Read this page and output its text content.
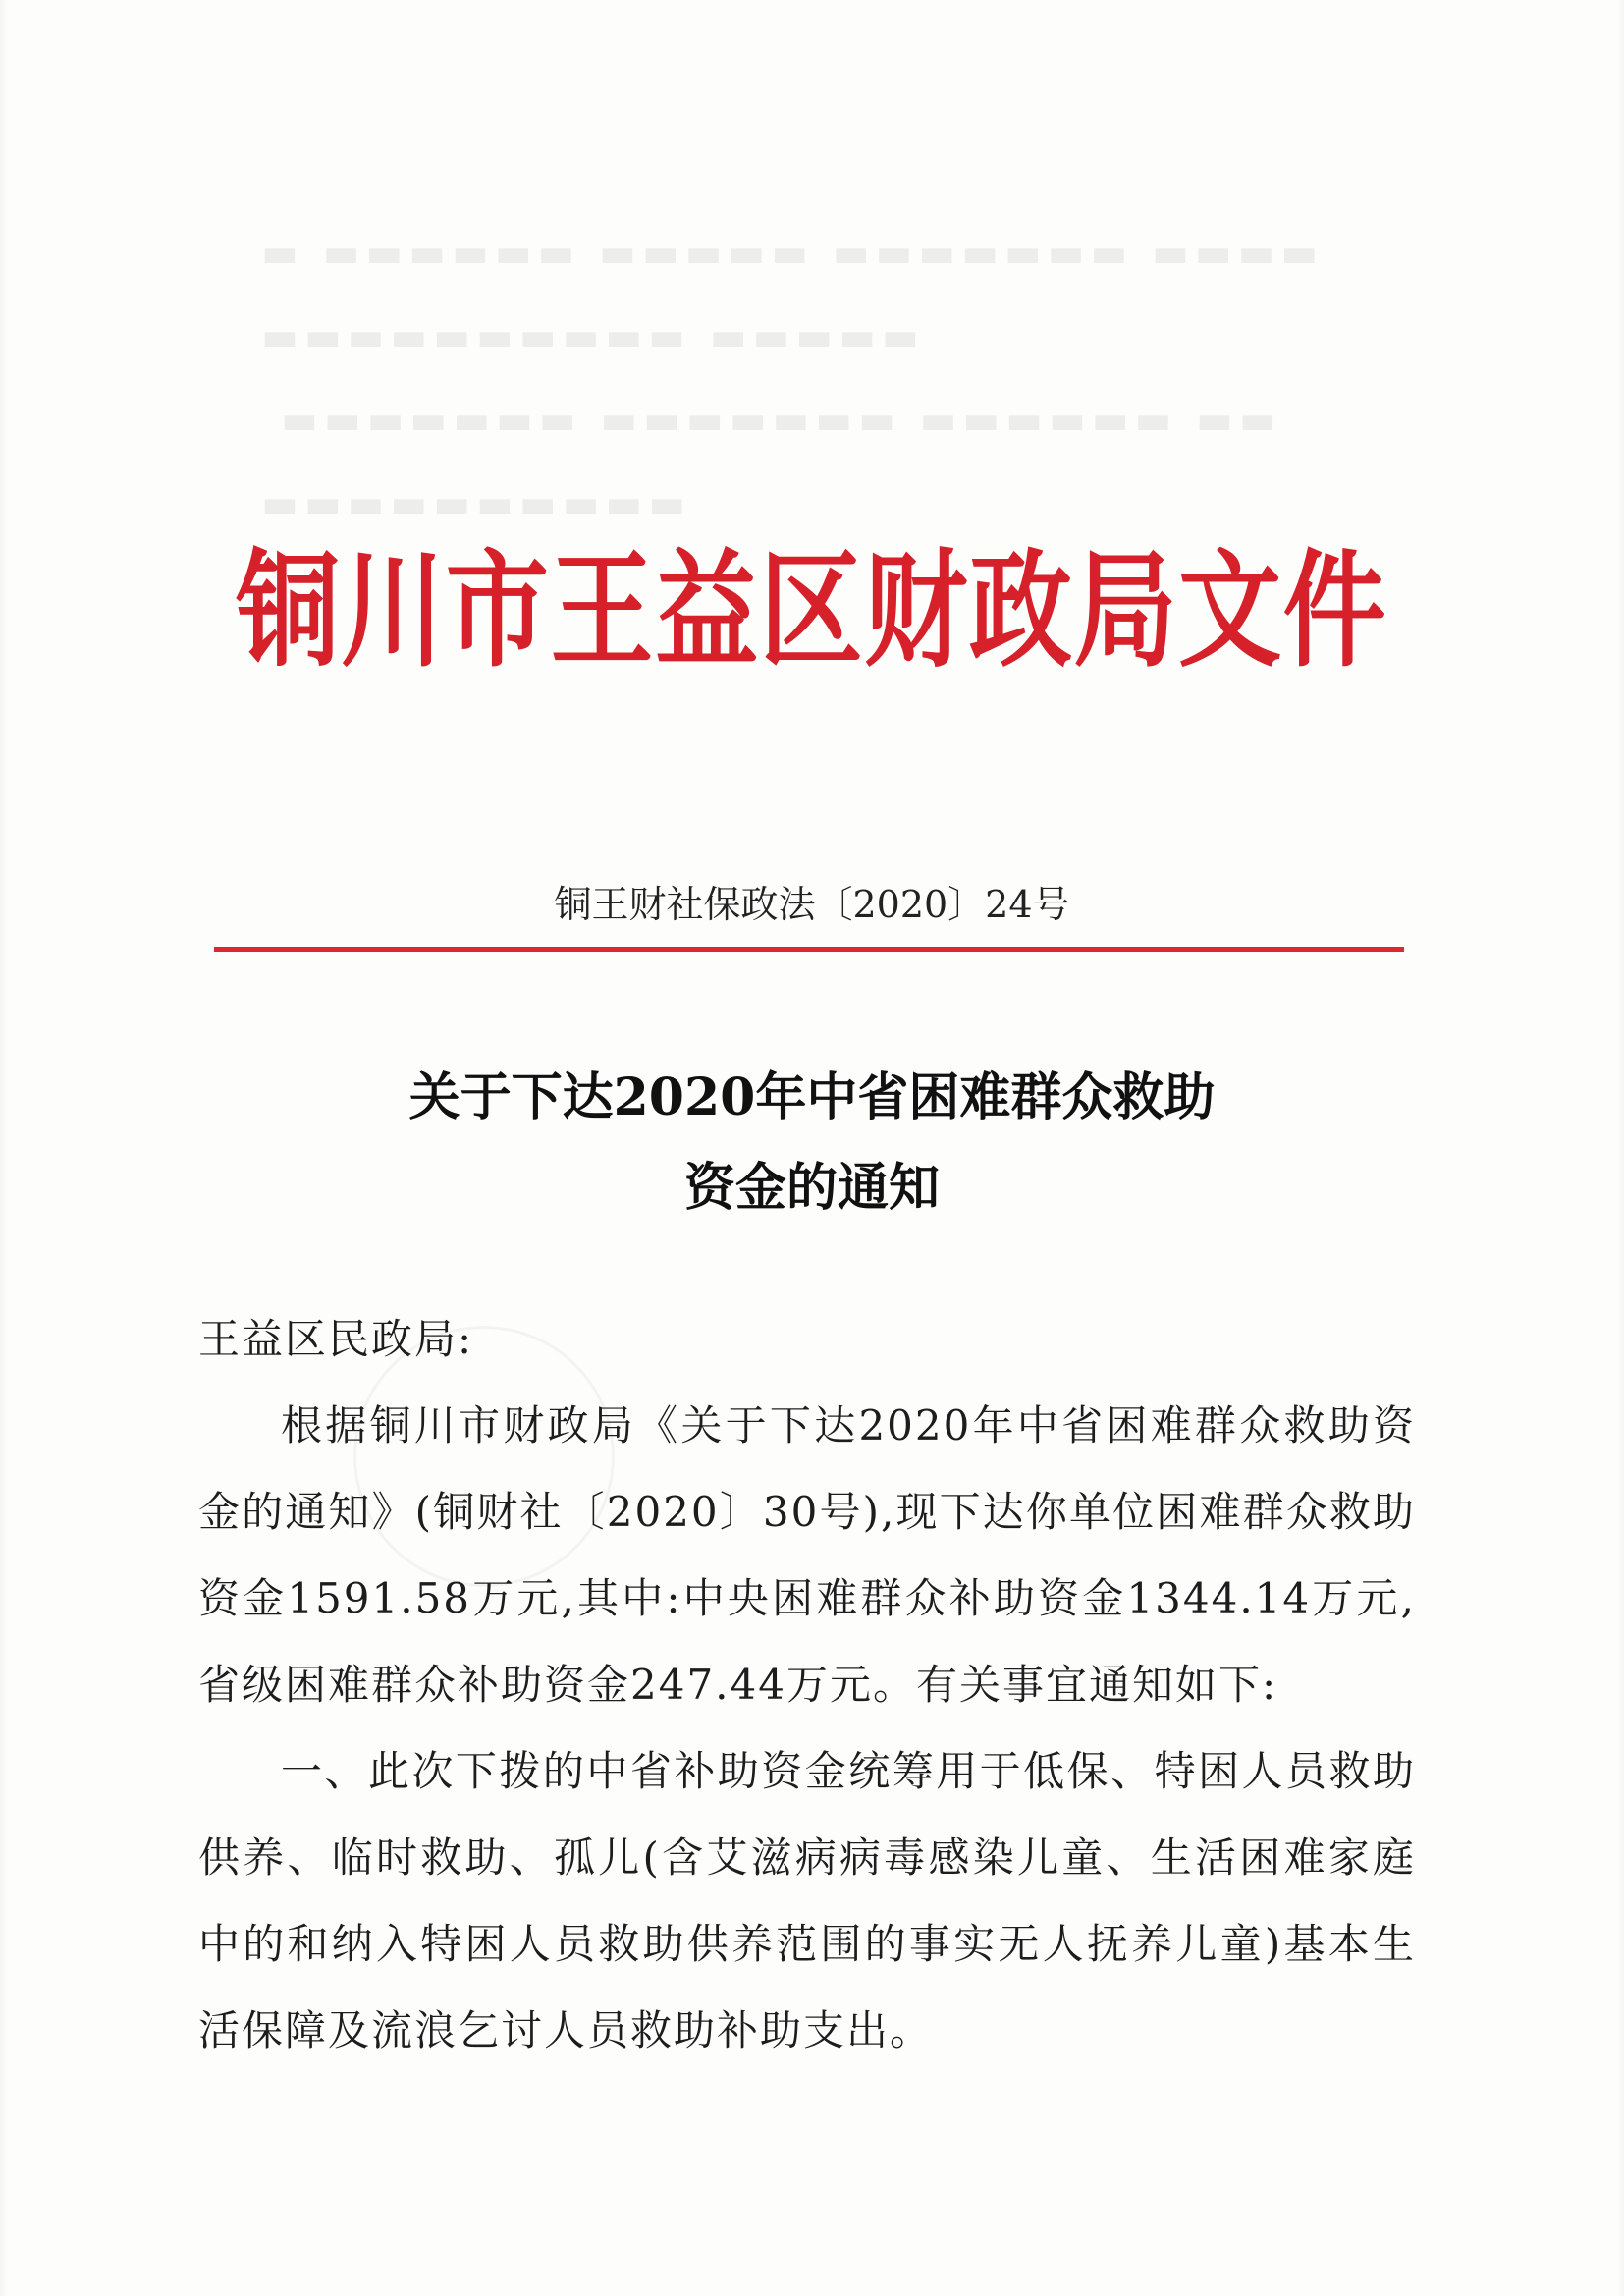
▬▬▬▬ ▬▬▬▬▬▬▬ ▬▬▬▬▬ ▬▬▬▬▬▬ ▬
▬▬▬▬▬ ▬▬▬▬▬▬▬▬▬▬
▬▬ ▬▬▬▬▬▬ ▬▬▬▬▬▬▬ ▬▬▬▬▬▬▬
▬▬▬▬▬▬▬▬▬▬
铜川市王益区财政局文件
铜王财社保政法〔2020〕24号
关于下达2020年中省困难群众救助
资金的通知

王益区民政局:

根据铜川市财政局《关于下达2020年中省困难群众救助资金的通知》(铜财社〔2020〕30号),现下达你单位困难群众救助资金1591.58万元,其中:中央困难群众补助资金1344.14万元,省级困难群众补助资金247.44万元。有关事宜通知如下:

一、此次下拨的中省补助资金统筹用于低保、特困人员救助供养、临时救助、孤儿(含艾滋病病毒感染儿童、生活困难家庭中的和纳入特困人员救助供养范围的事实无人抚养儿童)基本生活保障及流浪乞讨人员救助补助支出。
